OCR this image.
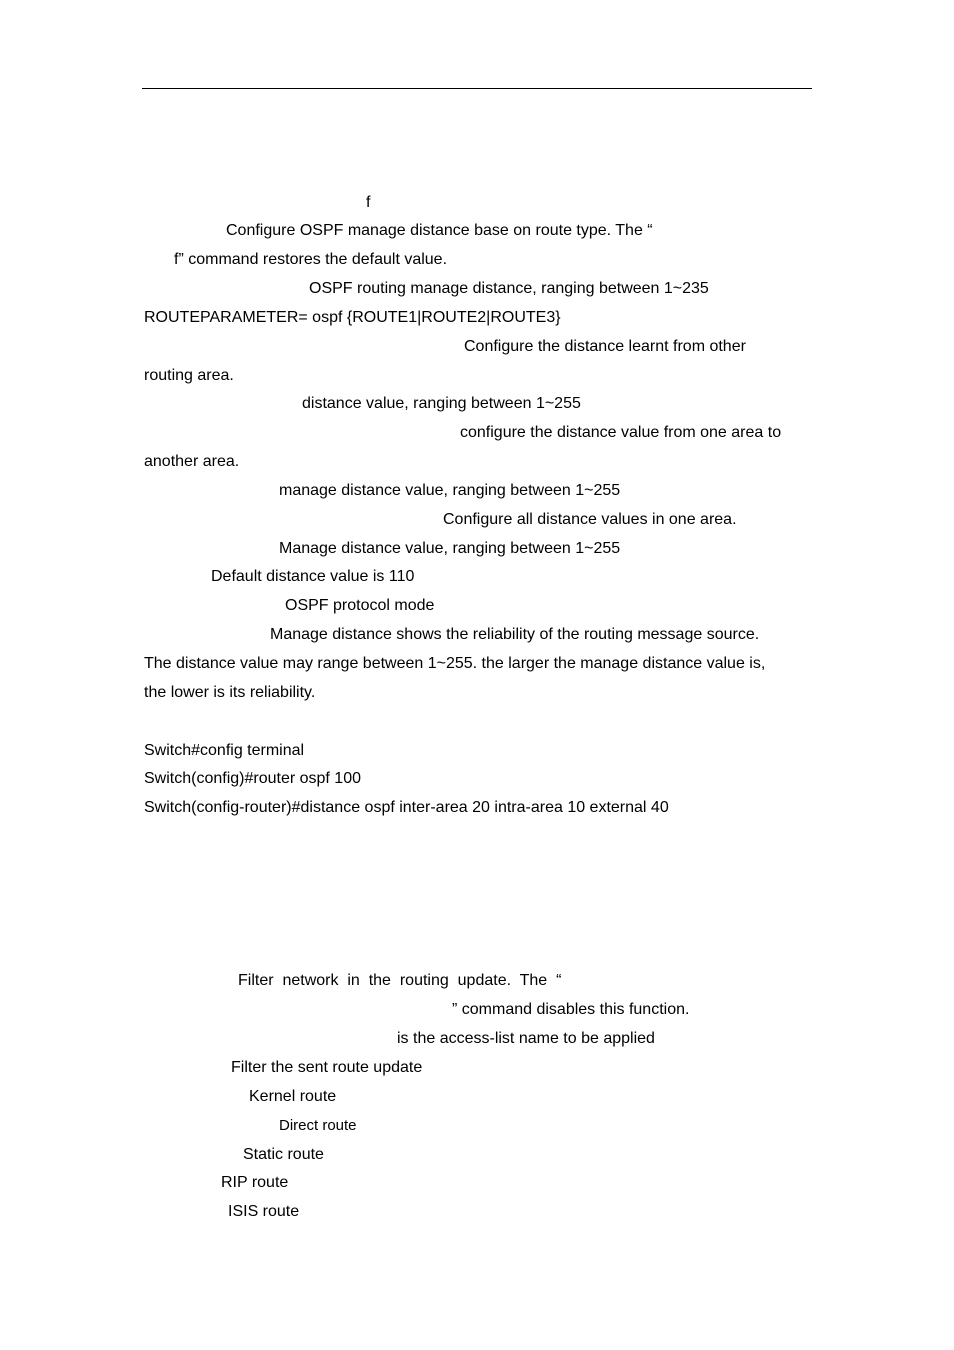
f
Configure OSPF manage distance base on route type. The “
f” command restores the default value.
OSPF routing manage distance, ranging between 1~235
ROUTEPARAMETER= ospf {ROUTE1|ROUTE2|ROUTE3}
Configure the distance learnt from other
routing area.
distance value, ranging between 1~255
configure the distance value from one area to
another area.
manage distance value, ranging between 1~255
Configure all distance values in one area.
Manage distance value, ranging between 1~255
Default distance value is 110
OSPF protocol mode
Manage distance shows the reliability of the routing message source.
The distance value may range between 1~255. the larger the manage distance value is,
the lower is its reliability.
Switch#config terminal
Switch(config)#router ospf 100
Switch(config-router)#distance ospf inter-area 20 intra-area 10 external 40
Filter  network  in  the  routing  update.  The  “
” command disables this function.
is the access-list name to be applied
Filter the sent route update
Kernel route
Direct route
Static route
RIP route
ISIS route
